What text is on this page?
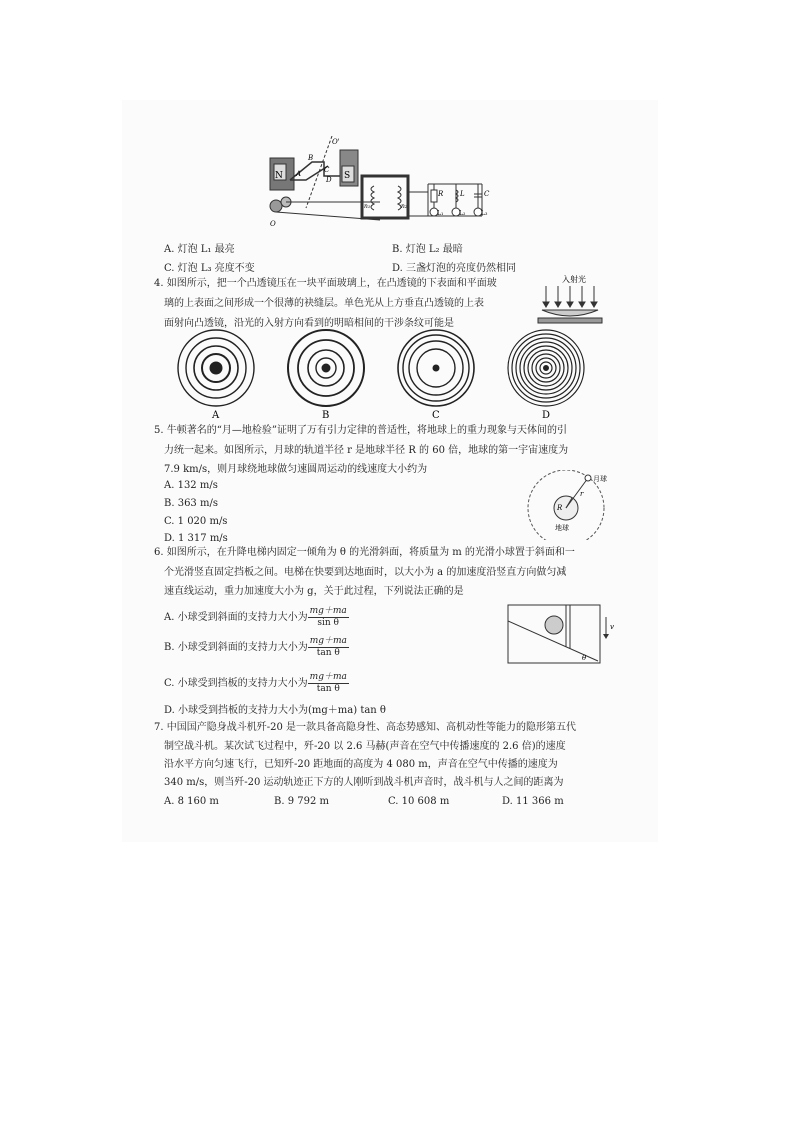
N	S
A
B
C
D
O
O'
n₁	n₂
R L	C
L₁	L₂	L₃
A. 灯泡 L₁ 最亮	B. 灯泡 L₂ 最暗
C. 灯泡 L₃ 亮度不变	D. 三盏灯泡的亮度仍然相同
4. 如图所示，把一个凸透镜压在一块平面玻璃上，在凸透镜的下表面和平面玻
璃的上表面之间形成一个很薄的袂缝层。单色光从上方垂直凸透镜的上表
面射向凸透镜，沿光的入射方向看到的明暗相间的干涉条纹可能是
入射光
A	B	C	D
5. 牛顿著名的“月—地检验”证明了万有引力定律的普适性，将地球上的重力现象与天体间的引
力统一起来。如图所示，月球的轨道半径 r 是地球半径 R 的 60 倍，地球的第一宇宙速度为
7.9 km/s，则月球绕地球做匀速圆周运动的线速度大小约为
A. 132 m/s
B. 363 m/s
C. 1 020 m/s
D. 1 317 m/s
月球
R
r
地球
6. 如图所示，在升降电梯内固定一倾角为 θ 的光滑斜面，将质量为 m 的光滑小球置于斜面和一
个光滑竖直固定挡板之间。电梯在快要到达地面时，以大小为 a 的加速度沿竖直方向做匀减
速直线运动，重力加速度大小为 g，关于此过程，下列说法正确的是
A. 小球受到斜面的支持力大小为 $\frac{mg+ma}{\text{sin θ}}$
B. 小球受到斜面的支持力大小为 $\frac{mg+ma}{\text{tan θ}}$
C. 小球受到挡板的支持力大小为 $\frac{mg+ma}{\text{tan θ}}$
D. 小球受到挡板的支持力大小为(mg＋ma) tan θ
v
θ
7. 中国国产隐身战斗机歼-20 是一款具备高隐身性、高态势感知、高机动性等能力的隐形第五代
制空战斗机。某次试飞过程中，歼-20 以 2.6 马赫(声音在空气中传播速度的 2.6 倍)的速度
沿水平方向匀速飞行，已知歼-20 距地面的高度为 4 080 m，声音在空气中传播的速度为
340 m/s，则当歼-20 运动轨迹正下方的人刚听到战斗机声音时，战斗机与人之间的距离为
A. 8 160 m	B. 9 792 m	C. 10 608 m	D. 11 366 m
